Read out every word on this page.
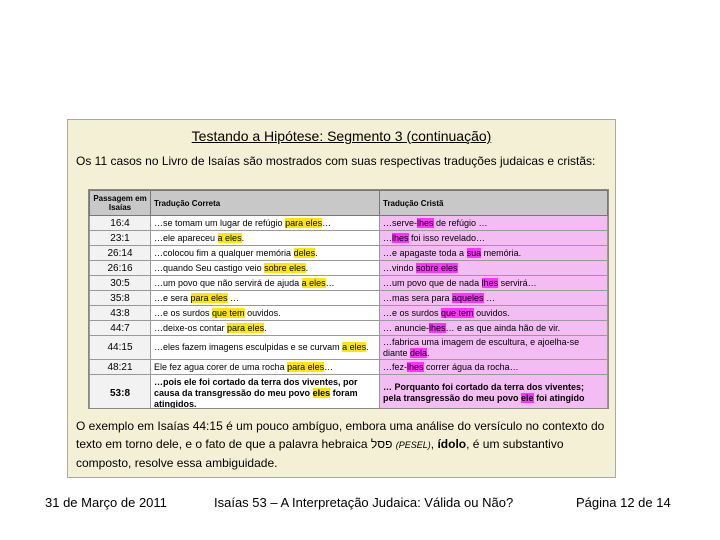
Testando a Hipótese: Segmento 3 (continuação)
Os 11 casos no Livro de Isaías são mostrados com suas respectivas traduções judaicas e cristãs:
Passagem em Isaías	Tradução Correta	Tradução Cristã
16:4	…se tomam um lugar de refúgio para eles…	…serve-lhes de refúgio …
23:1	…ele apareceu a eles.	…lhes foi isso revelado…
26:14	…colocou fim a qualquer memória deles.	…e apagaste toda a sua memória.
26:16	…quando Seu castigo veio sobre eles.	…vindo sobre eles
30:5	…um povo que não servirá de ajuda a eles…	…um povo que de nada lhes servirá…
35:8	…e sera para eles …	…mas sera para aqueles …
43:8	…e os surdos que tem ouvidos.	…e os surdos que tem ouvidos.
44:7	…deixe-os contar para eles.	… anuncie-lhes… e as que ainda hão de vir.
44:15	…eles fazem imagens esculpidas e se curvam a eles.	…fabrica uma imagem de escultura, e ajoelha-se diante dela.
48:21	Ele fez agua corer de uma rocha para eles…	…fez-lhes correr água da rocha…
53:8	…pois ele foi cortado da terra dos viventes, por causa da transgressão do meu povo eles foram atingidos.	… Porquanto foi cortado da terra dos viventes; pela transgressão do meu povo ele foi atingido
O exemplo em Isaías 44:15 é um pouco ambíguo, embora uma análise do versículo no contexto do texto em torno dele, e o fato de que a palavra hebraica פסל (PESEL), ídolo, é um substantivo composto, resolve essa ambiguidade.
31 de Março de 2011	Isaías 53 – A Interpretação Judaica: Válida ou Não?	Página 12 de 14
